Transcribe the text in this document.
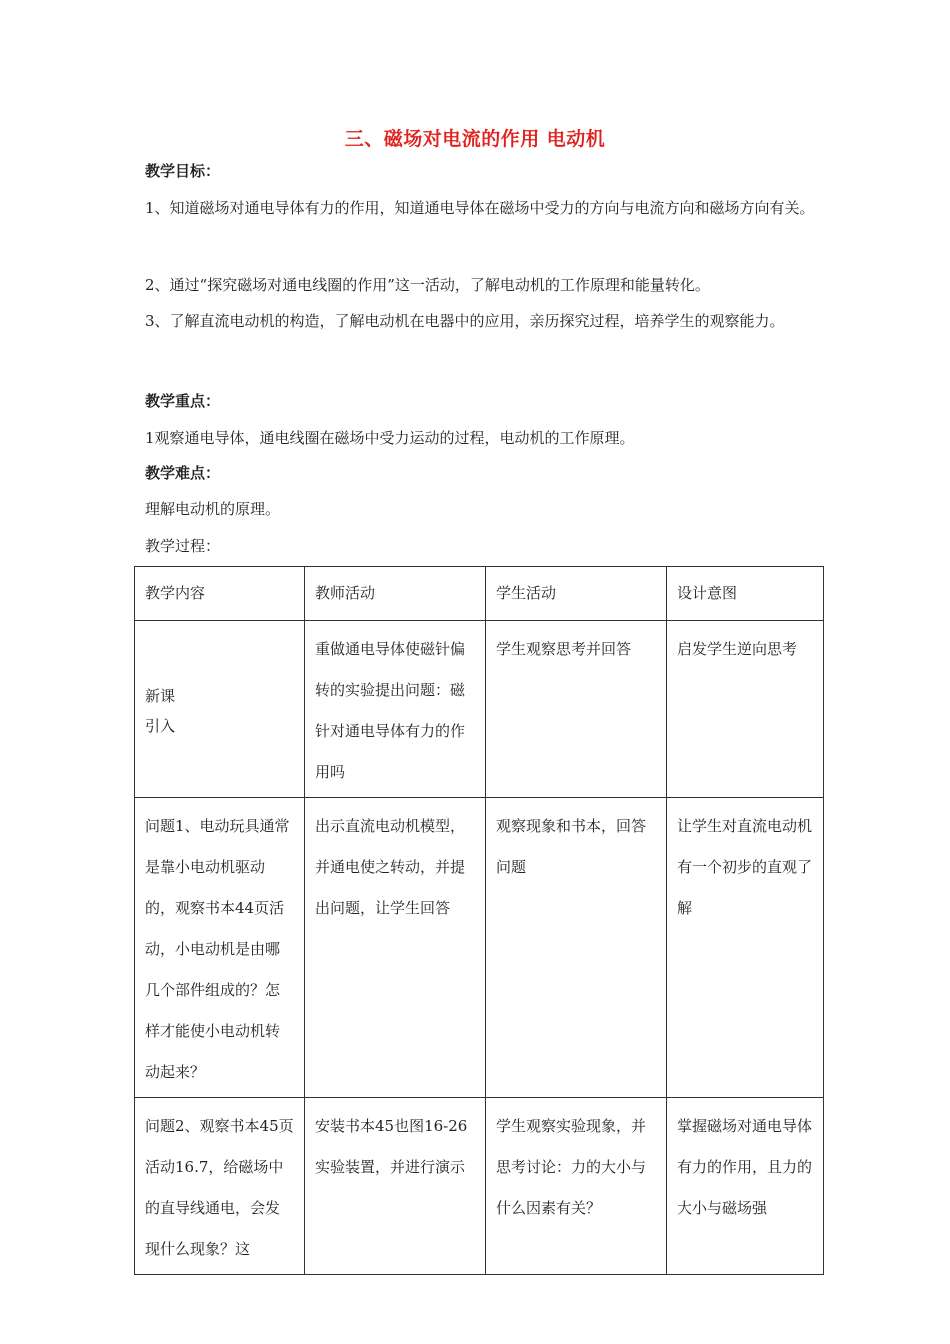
三、磁场对电流的作用 电动机
教学目标：
1、知道磁场对通电导体有力的作用，知道通电导体在磁场中受力的方向与电流方向和磁场方向有关。
2、通过“探究磁场对通电线圈的作用”这一活动，了解电动机的工作原理和能量转化。
3、了解直流电动机的构造，了解电动机在电器中的应用，亲历探究过程，培养学生的观察能力。
教学重点：
1观察通电导体，通电线圈在磁场中受力运动的过程，电动机的工作原理。
教学难点：
理解电动机的原理。
教学过程：
教学内容	教师活动	学生活动	设计意图

新课
引入	重做通电导体使磁针偏转的实验提出问题：磁针对通电导体有力的作用吗	学生观察思考并回答	启发学生逆向思考
问题1、电动玩具通常是靠小电动机驱动的，观察书本44页活动，小电动机是由哪几个部件组成的？怎样才能使小电动机转动起来？	出示直流电动机模型，并通电使之转动，并提出问题，让学生回答	观察现象和书本，回答问题	让学生对直流电动机有一个初步的直观了解
问题2、观察书本45页活动16.7，给磁场中的直导线通电，会发现什么现象？这	安装书本45也图16-26实验装置，并进行演示	学生观察实验现象，并思考讨论：力的大小与什么因素有关？	掌握磁场对通电导体有力的作用，且力的大小与磁场强
